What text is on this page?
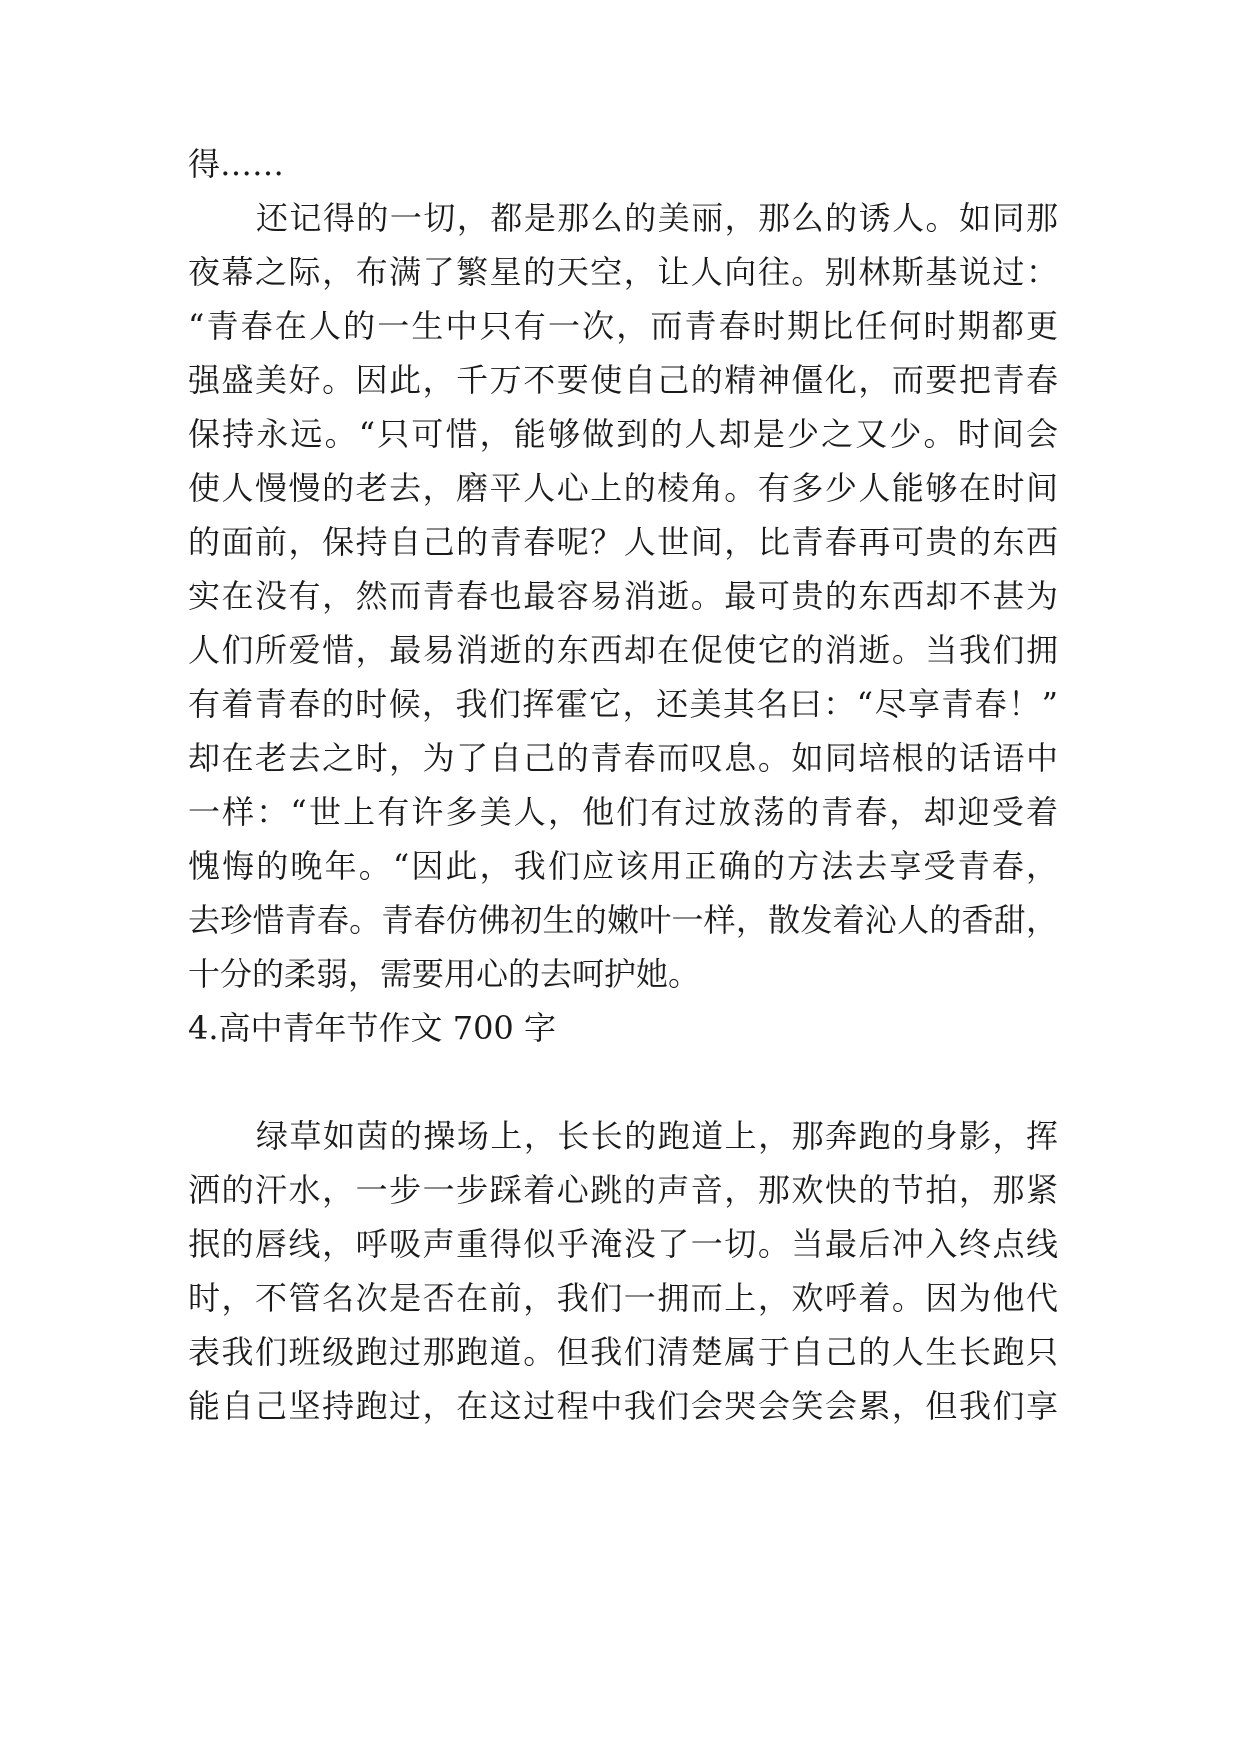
得……
还记得的一切，都是那么的美丽，那么的诱人。如同那
夜幕之际，布满了繁星的天空，让人向往。别林斯基说过：
“青春在人的一生中只有一次，而青春时期比任何时期都更
强盛美好。因此，千万不要使自己的精神僵化，而要把青春
保持永远。“只可惜，能够做到的人却是少之又少。时间会
使人慢慢的老去，磨平人心上的棱角。有多少人能够在时间
的面前，保持自己的青春呢？人世间，比青春再可贵的东西
实在没有，然而青春也最容易消逝。最可贵的东西却不甚为
人们所爱惜，最易消逝的东西却在促使它的消逝。当我们拥
有着青春的时候，我们挥霍它，还美其名曰：“尽享青春！”
却在老去之时，为了自己的青春而叹息。如同培根的话语中
一样：“世上有许多美人，他们有过放荡的青春，却迎受着
愧悔的晚年。“因此，我们应该用正确的方法去享受青春，
去珍惜青春。青春仿佛初生的嫩叶一样，散发着沁人的香甜，
十分的柔弱，需要用心的去呵护她。
4.高中青年节作文 700 字
绿草如茵的操场上，长长的跑道上，那奔跑的身影，挥
洒的汗水，一步一步踩着心跳的声音，那欢快的节拍，那紧
抿的唇线，呼吸声重得似乎淹没了一切。当最后冲入终点线
时，不管名次是否在前，我们一拥而上，欢呼着。因为他代
表我们班级跑过那跑道。但我们清楚属于自己的人生长跑只
能自己坚持跑过，在这过程中我们会哭会笑会累，但我们享
